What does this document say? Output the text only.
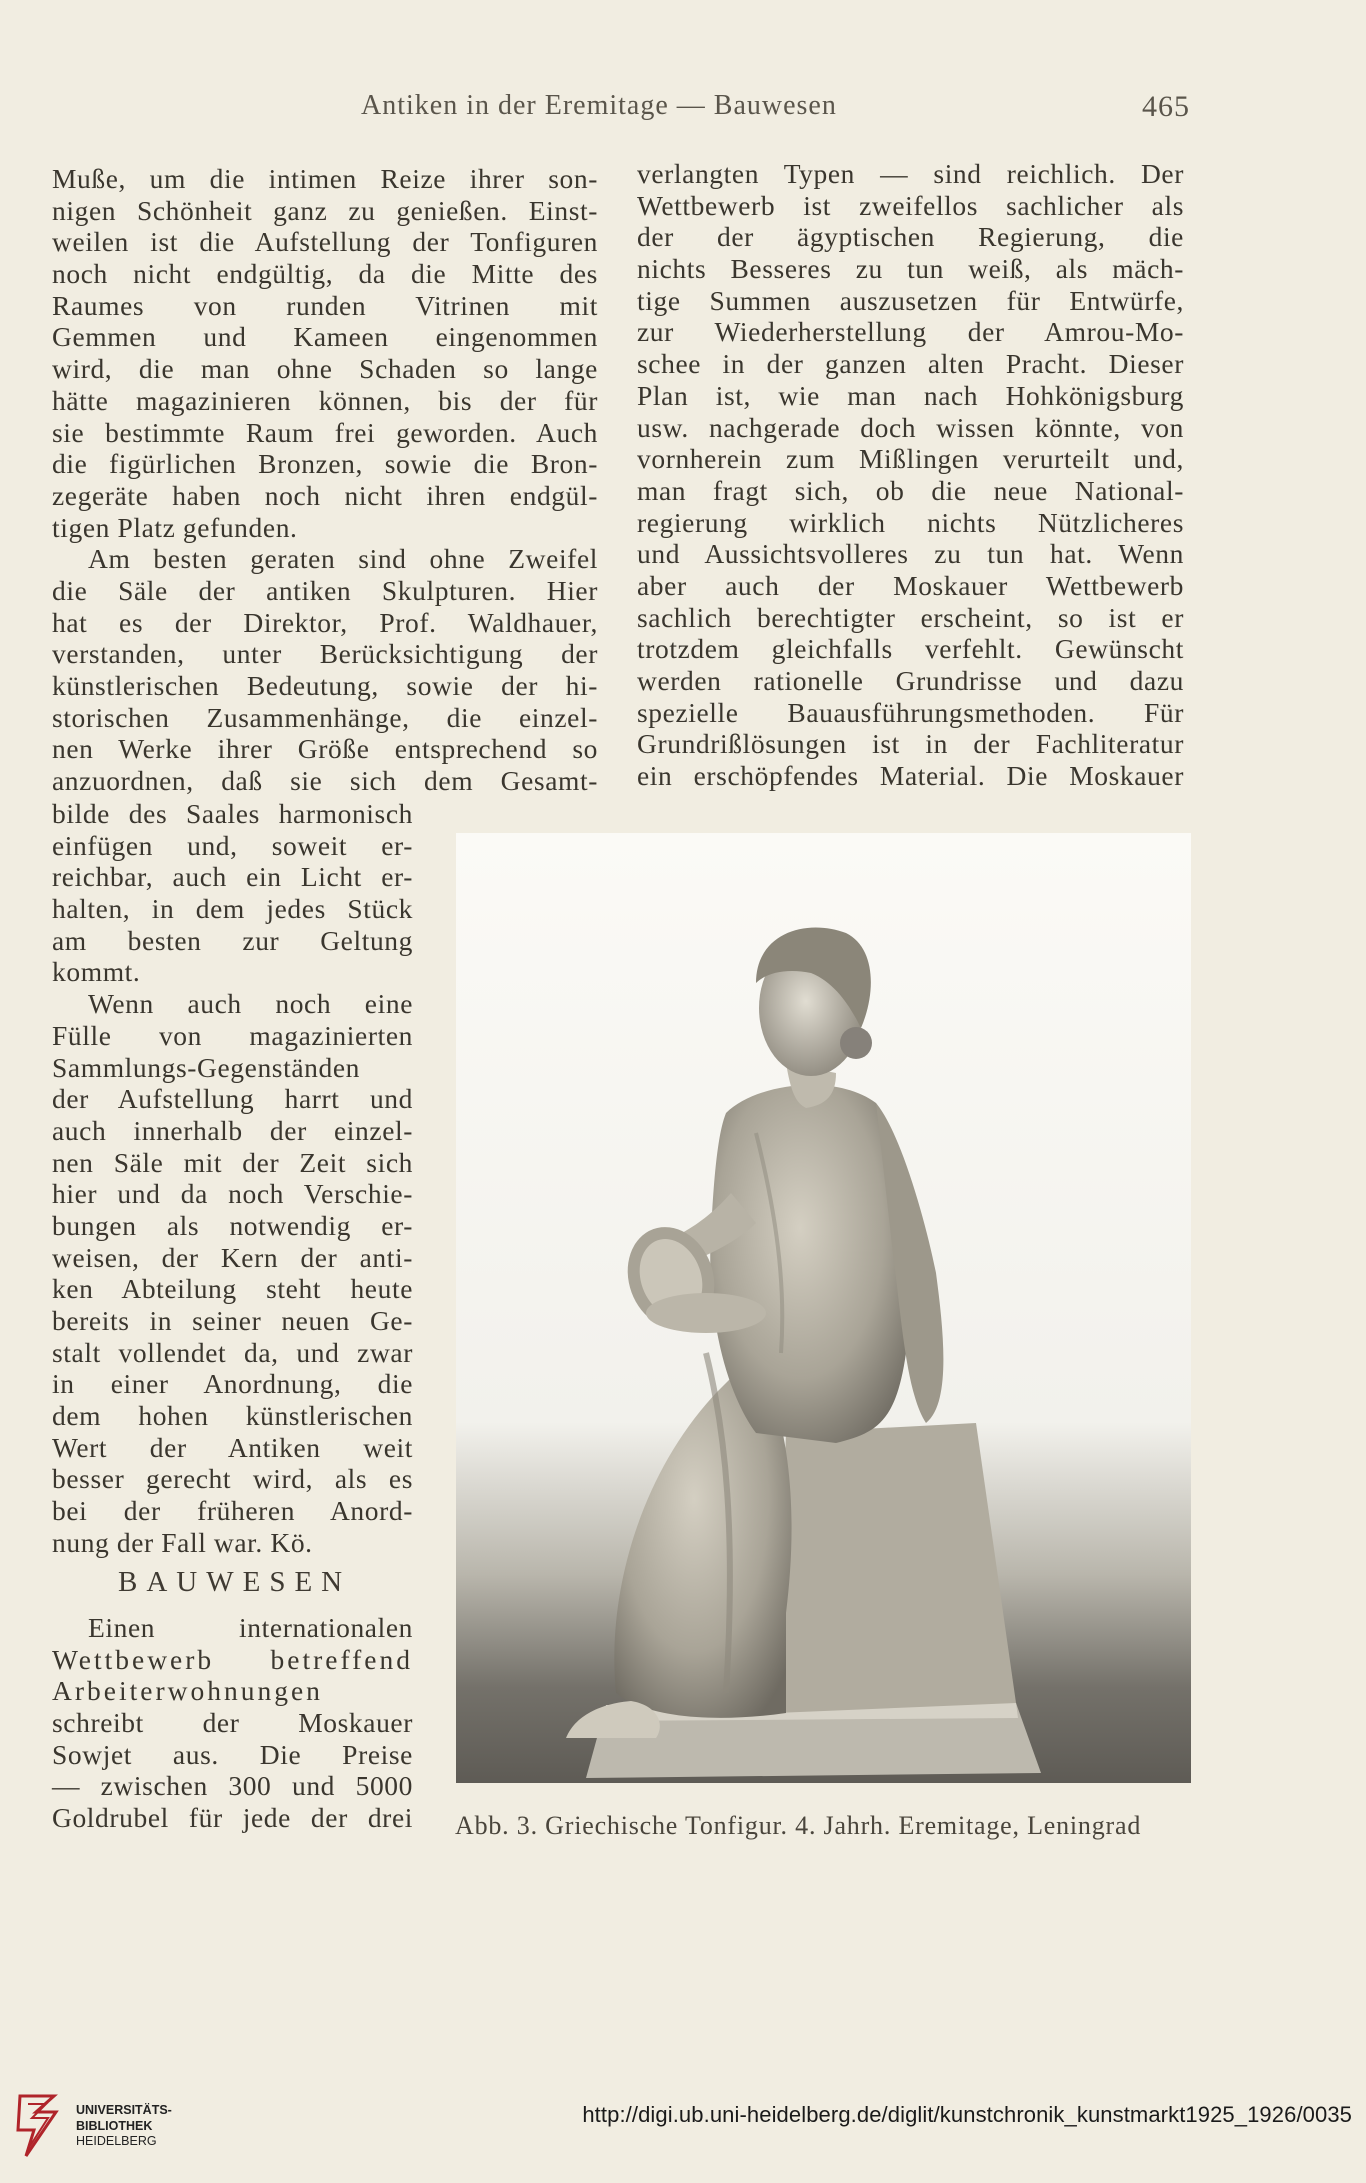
Antiken in der Eremitage — Bauwesen	465
Muße, um die intimen Reize ihrer son-
nigen Schönheit ganz zu genießen. Einst-
weilen ist die Aufstellung der Tonfiguren
noch nicht endgültig, da die Mitte des
Raumes von runden Vitrinen mit
Gemmen und Kameen eingenommen
wird, die man ohne Schaden so lange
hätte magazinieren können, bis der für
sie bestimmte Raum frei geworden. Auch
die figürlichen Bronzen, sowie die Bron-
zegeräte haben noch nicht ihren endgül-
tigen Platz gefunden.
Am besten geraten sind ohne Zweifel
die Säle der antiken Skulpturen. Hier
hat es der Direktor, Prof. Waldhauer,
verstanden, unter Berücksichtigung der
künstlerischen Bedeutung, sowie der hi-
storischen Zusammenhänge, die einzel-
nen Werke ihrer Größe entsprechend so
anzuordnen, daß sie sich dem Gesamt-
bilde des Saales harmonisch
einfügen und, soweit er-
reichbar, auch ein Licht er-
halten, in dem jedes Stück
am besten zur Geltung
kommt.
Wenn auch noch eine
Fülle von magazinierten
Sammlungs-Gegenständen
der Aufstellung harrt und
auch innerhalb der einzel-
nen Säle mit der Zeit sich
hier und da noch Verschie-
bungen als notwendig er-
weisen, der Kern der anti-
ken Abteilung steht heute
bereits in seiner neuen Ge-
stalt vollendet da, und zwar
in einer Anordnung, die
dem hohen künstlerischen
Wert der Antiken weit
besser gerecht wird, als es
bei der früheren Anord-
nung der Fall war. Kö.
BAUWESEN
Einen internationalen
Wettbewerb betreffend
Arbeiterwohnungen
schreibt der Moskauer
Sowjet aus. Die Preise
— zwischen 300 und 5000
Goldrubel für jede der drei
verlangten Typen — sind reichlich. Der
Wettbewerb ist zweifellos sachlicher als
der der ägyptischen Regierung, die
nichts Besseres zu tun weiß, als mäch-
tige Summen auszusetzen für Entwürfe,
zur Wiederherstellung der Amrou-Mo-
schee in der ganzen alten Pracht. Dieser
Plan ist, wie man nach Hohkönigsburg
usw. nachgerade doch wissen könnte, von
vornherein zum Mißlingen verurteilt und,
man fragt sich, ob die neue National-
regierung wirklich nichts Nützlicheres
und Aussichtsvolleres zu tun hat. Wenn
aber auch der Moskauer Wettbewerb
sachlich berechtigter erscheint, so ist er
trotzdem gleichfalls verfehlt. Gewünscht
werden rationelle Grundrisse und dazu
spezielle Bauausführungsmethoden. Für
Grundrißlösungen ist in der Fachliteratur
ein erschöpfendes Material. Die Moskauer
Abb. 3. Griechische Tonfigur. 4. Jahrh. Eremitage, Leningrad
UNIVERSITÄTS-
BIBLIOTHEK
HEIDELBERG
http://digi.ub.uni-heidelberg.de/diglit/kunstchronik_kunstmarkt1925_1926/0035
